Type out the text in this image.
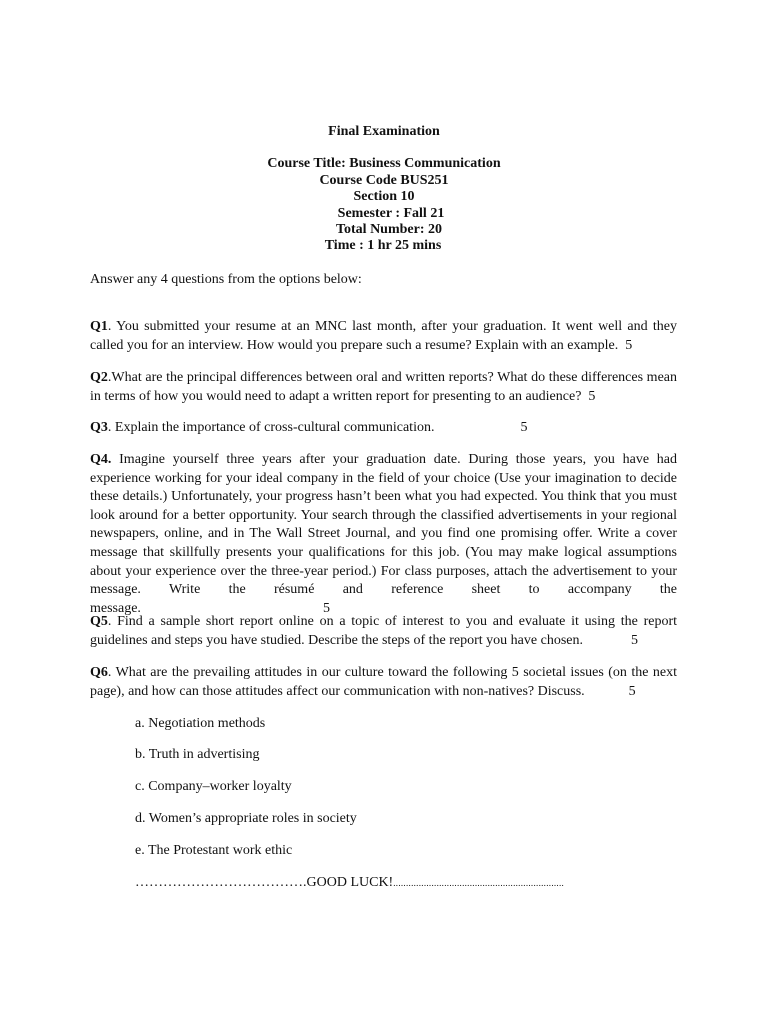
Final Examination
Course Title: Business Communication
Course Code BUS251
Section 10
Semester : Fall 21
Total Number: 20
Time : 1 hr 25 mins
Answer any 4 questions from the options below:
Q1. You submitted your resume at an MNC last month, after your graduation. It went well and they called you for an interview. How would you prepare such a resume? Explain with an example. 5
Q2.What are the principal differences between oral and written reports? What do these differences mean in terms of how you would need to adapt a written report for presenting to an audience? 5
Q3. Explain the importance of cross-cultural communication.	5
Q4. Imagine yourself three years after your graduation date. During those years, you have had experience working for your ideal company in the field of your choice (Use your imagination to decide these details.) Unfortunately, your progress hasn’t been what you had expected. You think that you must look around for a better opportunity. Your search through the classified advertisements in your regional newspapers, online, and in The Wall Street Journal, and you find one promising offer. Write a cover message that skillfully presents your qualifications for this job. (You may make logical assumptions about your experience over the three-year period.) For class purposes, attach the advertisement to your message. Write the résumé and reference sheet to accompany the message.	5
Q5. Find a sample short report online on a topic of interest to you and evaluate it using the report guidelines and steps you have studied. Describe the steps of the report you have chosen.	5
Q6. What are the prevailing attitudes in our culture toward the following 5 societal issues (on the next page), and how can those attitudes affect our communication with non-natives? Discuss.	5
a. Negotiation methods
b. Truth in advertising
c. Company–worker loyalty
d. Women’s appropriate roles in society
e. The Protestant work ethic
……………………………….GOOD LUCK!...................................................................
